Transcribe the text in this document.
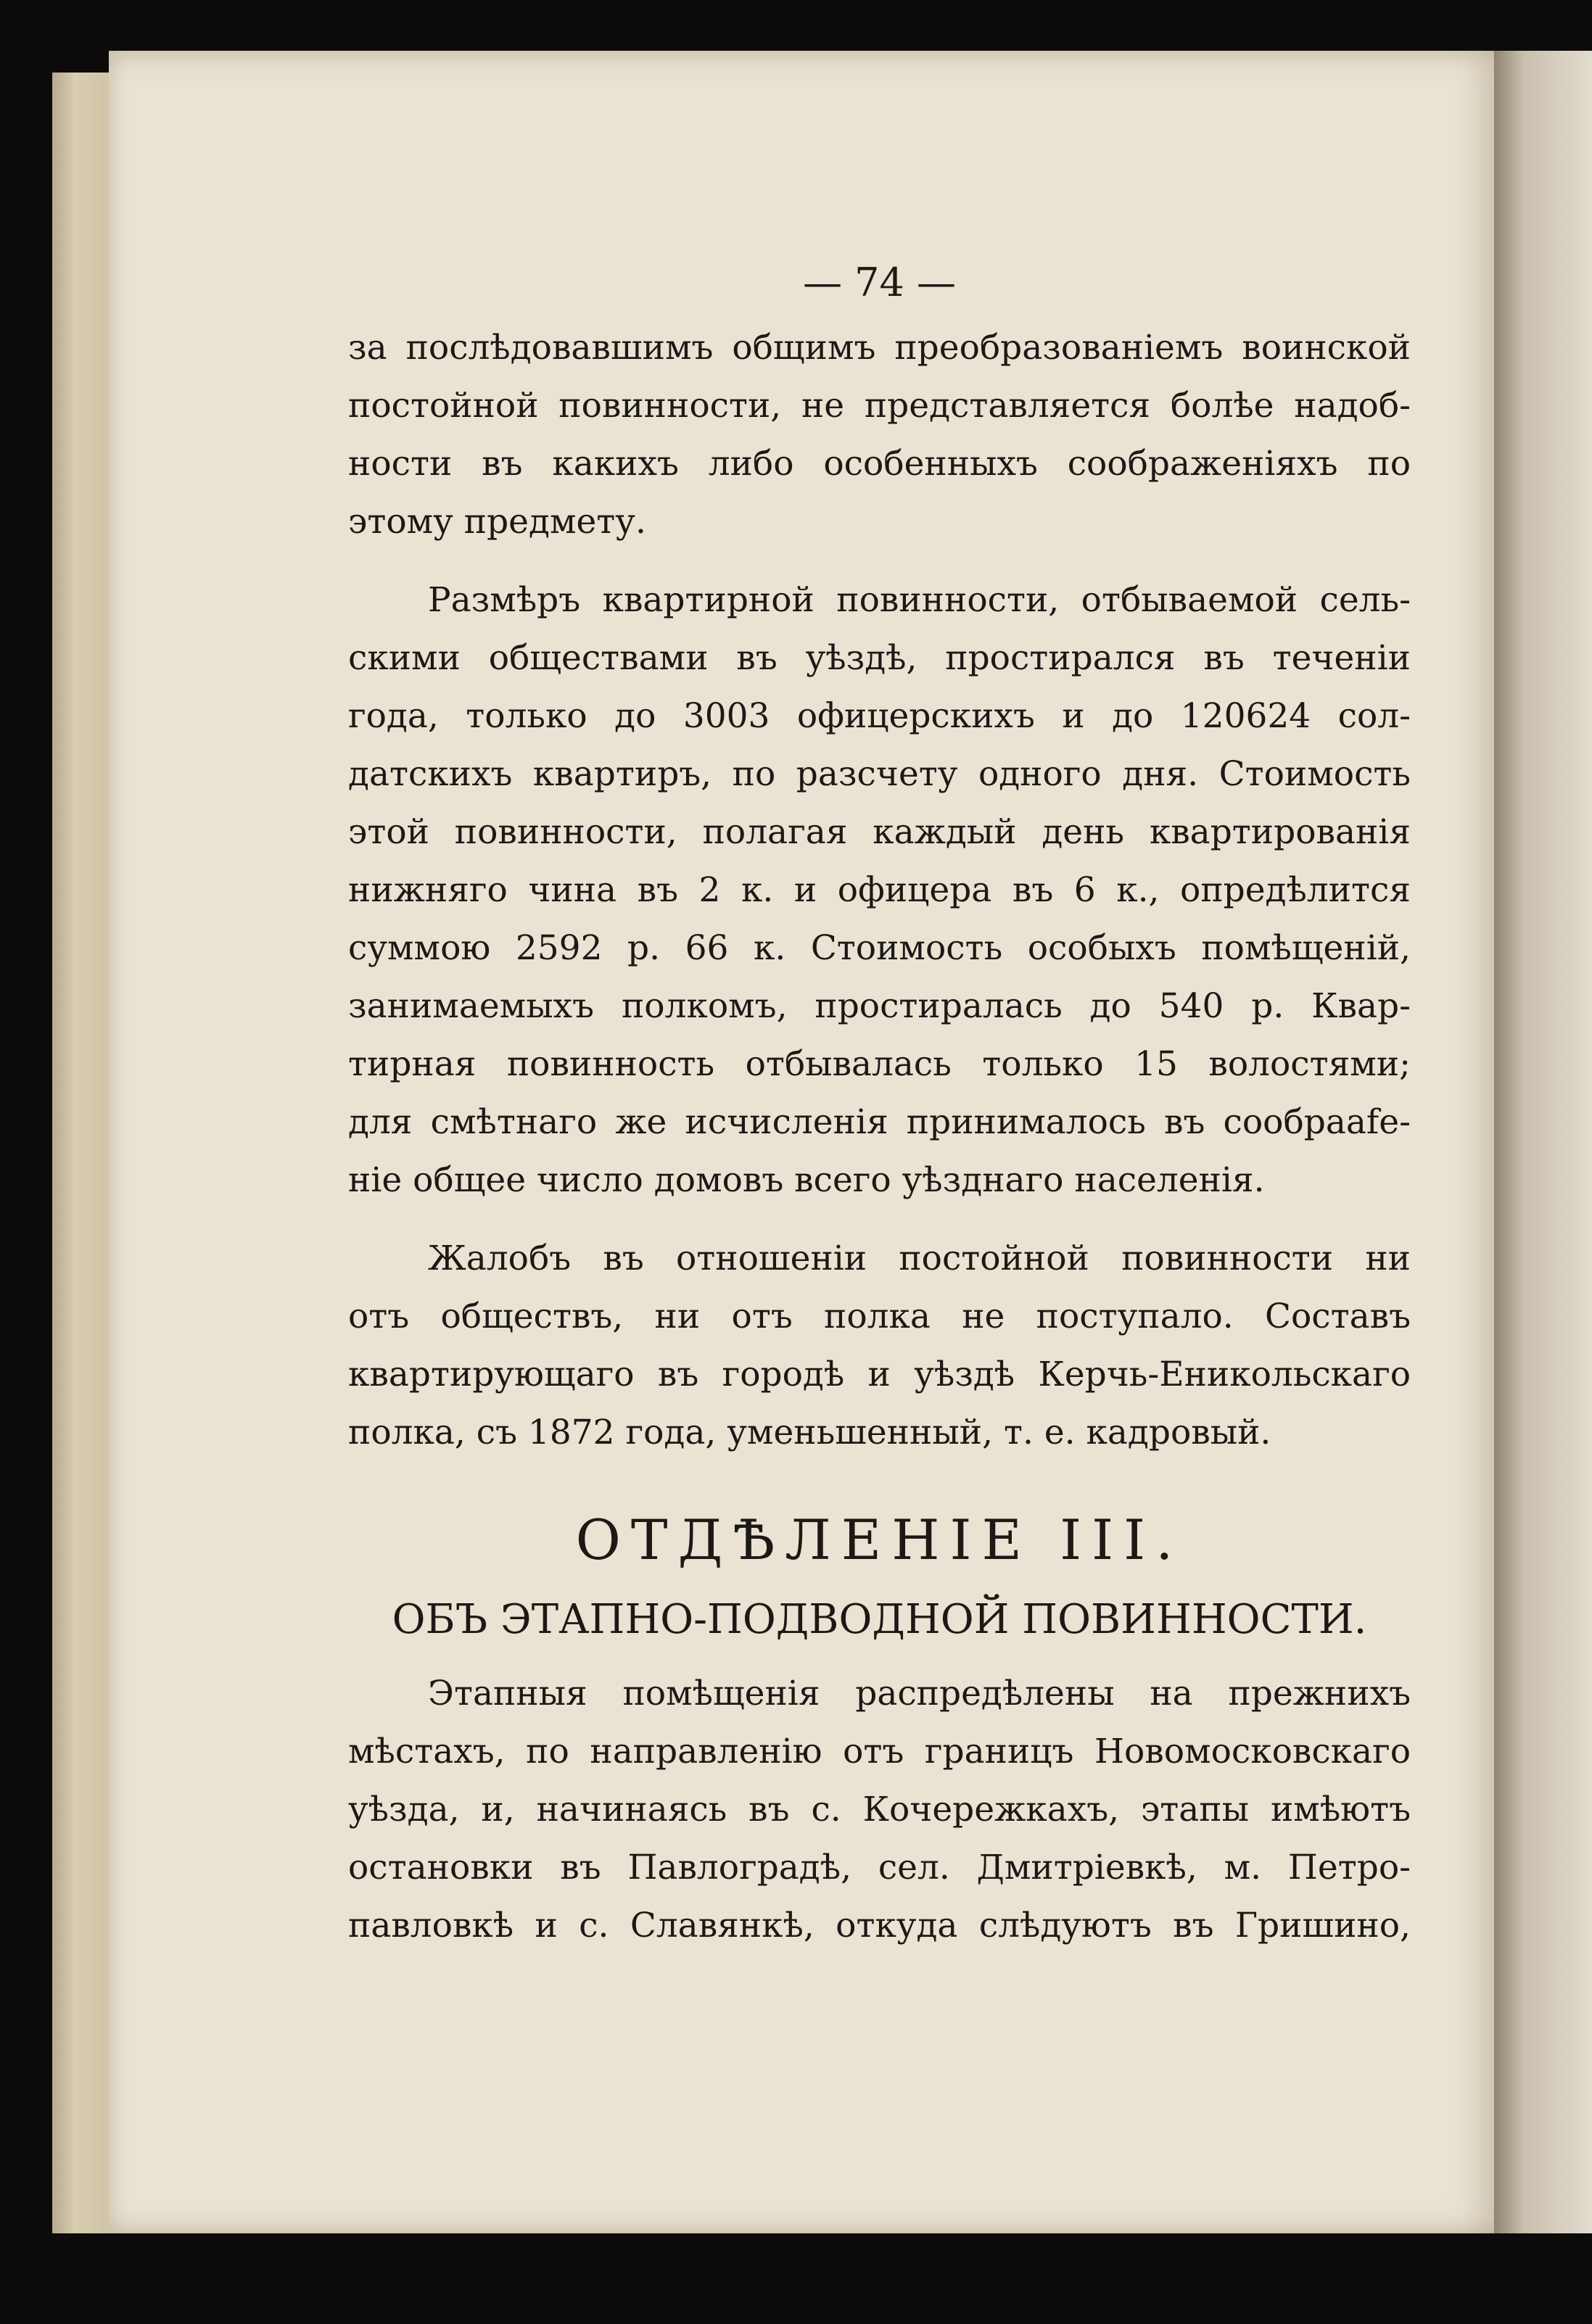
— 74 —

за послѣдовавшимъ общимъ преобразованіемъ воинской
постойной повинности, не представляется болѣе надоб-
ности въ какихъ либо особенныхъ соображеніяхъ по
этому предмету.

Размѣръ квартирной повинности, отбываемой сель-
скими обществами въ уѣздѣ, простирался въ теченіи
года, только до 3003 офицерскихъ и до 120624 сол-
датскихъ квартиръ, по разсчету одного дня. Стоимость
этой повинности, полагая каждый день квартированія
нижняго чина въ 2 к. и офицера въ 6 к., опредѣлится
суммою 2592 р. 66 к. Стоимость особыхъ помѣщеній,
занимаемыхъ полкомъ, простиралась до 540 р. Квар-
тирная повинность отбывалась только 15 волостями;
для смѣтнаго же исчисленія принималось въ сообраafе-
ніе общее число домовъ всего уѣзднаго населенія.

Жалобъ въ отношеніи постойной повинности ни
отъ обществъ, ни отъ полка не поступало. Составъ
квартирующаго въ городѣ и уѣздѣ Керчь-Еникольскаго
полка, съ 1872 года, уменьшенный, т. е. кадровый.

ОТДѢЛЕНІЕ III.
ОБЪ ЭТАПНО-ПОДВОДНОЙ ПОВИННОСТИ.

Этапныя помѣщенія распредѣлены на прежнихъ
мѣстахъ, по направленію отъ границъ Новомосковскаго
уѣзда, и, начинаясь въ с. Кочережкахъ, этапы имѣютъ
остановки въ Павлоградѣ, сел. Дмитріевкѣ, м. Петро-
павловкѣ и с. Славянкѣ, откуда слѣдуютъ въ Гришино,
